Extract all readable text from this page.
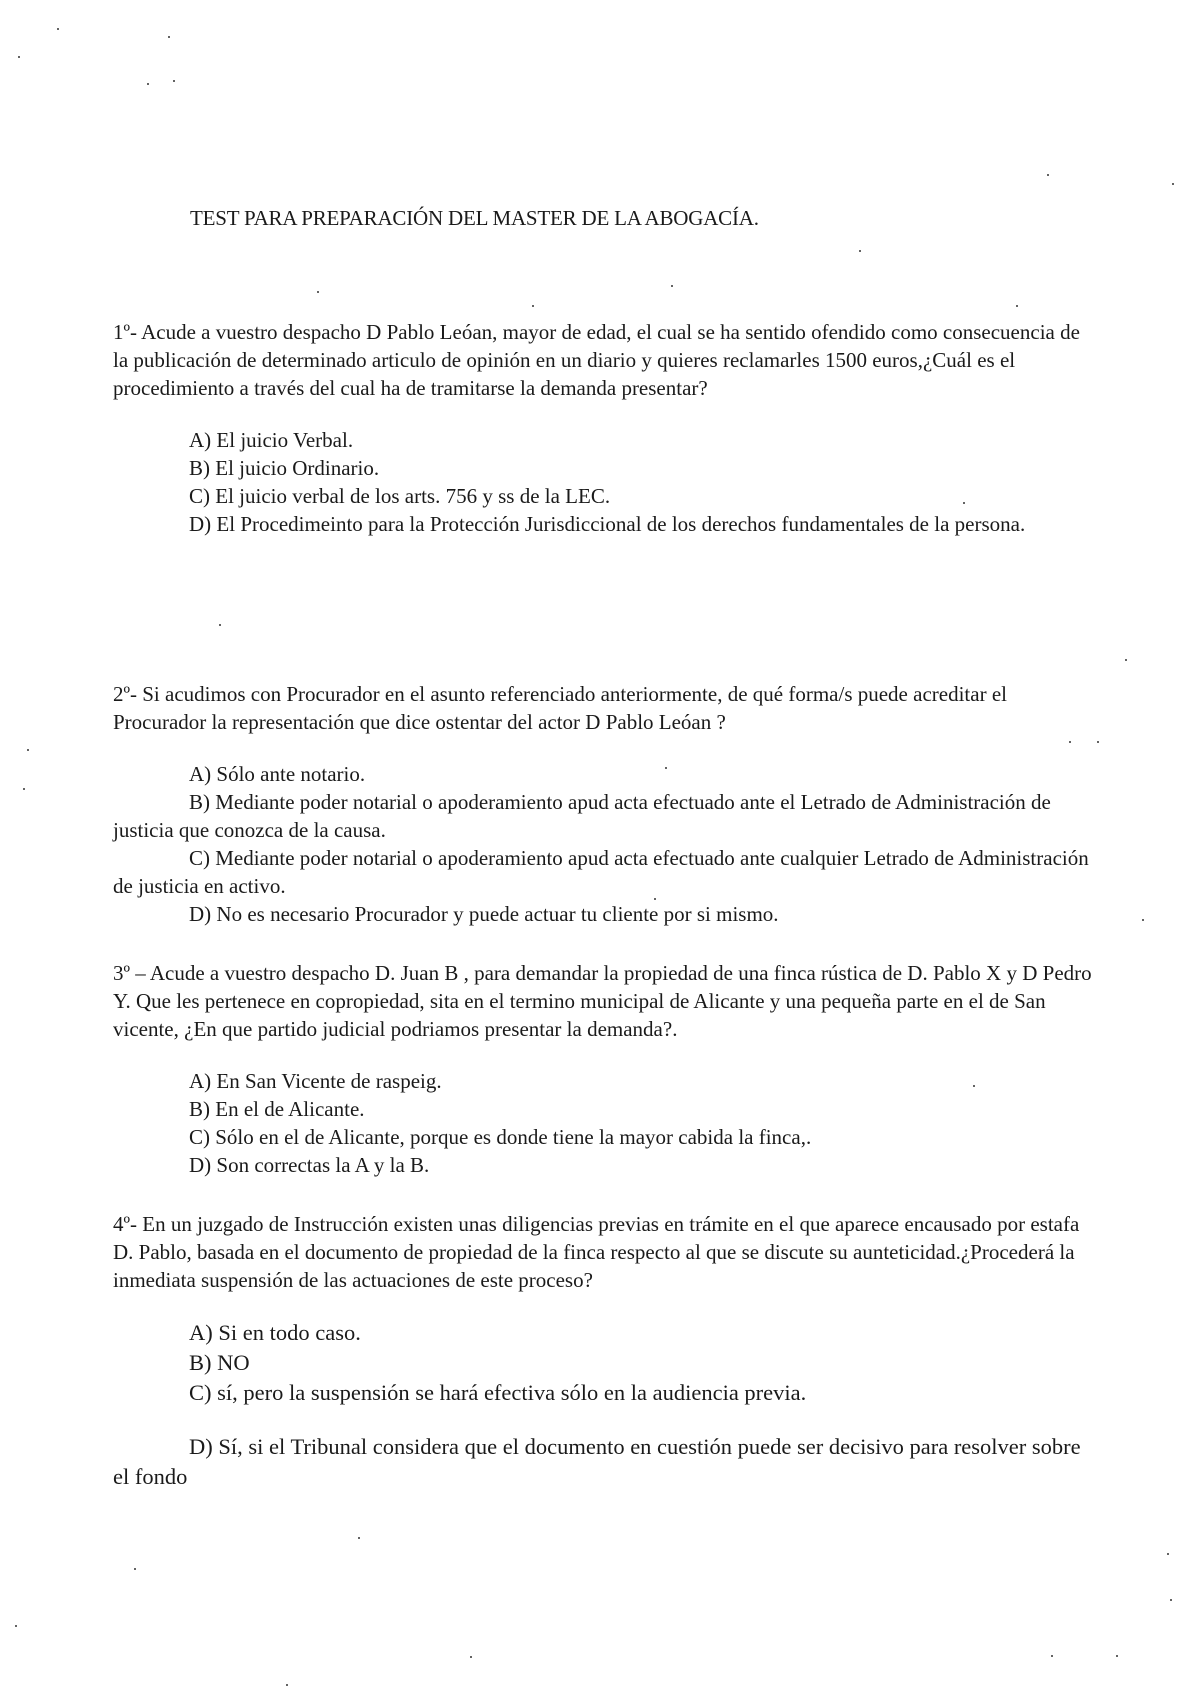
TEST PARA PREPARACIÓN DEL MASTER DE LA ABOGACÍA.

1º- Acude a vuestro despacho D Pablo Leóan, mayor de edad, el cual se ha sentido ofendido como consecuencia de la publicación de determinado articulo de opinión en un diario y quieres reclamarles 1500 euros,¿Cuál es el procedimiento a través del cual ha de tramitarse la demanda presentar?

A) El juicio Verbal.

B) El juicio Ordinario.

C) El juicio verbal de los arts. 756 y ss de la LEC.

D) El Procedimeinto para la Protección Jurisdiccional de los derechos fundamentales de la persona.

2º- Si acudimos con Procurador en el asunto referenciado anteriormente, de qué forma/s puede acreditar el Procurador la representación que dice ostentar del actor D Pablo Leóan ?

A) Sólo ante notario.

B) Mediante poder notarial o apoderamiento apud acta efectuado ante el Letrado de Administración de justicia que conozca de la causa.

C) Mediante poder notarial o apoderamiento apud acta efectuado ante cualquier Letrado de Administración de justicia en activo.

D) No es necesario Procurador y puede actuar tu cliente por si mismo.

3º – Acude a vuestro despacho D. Juan B , para demandar la propiedad de una finca rústica de D. Pablo X y D Pedro Y. Que les pertenece en copropiedad, sita en el termino municipal de Alicante y una pequeña parte en el de San vicente, ¿En que partido judicial podriamos presentar la demanda?.

A) En San Vicente de raspeig.

B) En el de Alicante.

C) Sólo en el de Alicante, porque es donde tiene la mayor cabida la finca,.

D) Son correctas la A y la B.

4º- En un juzgado de Instrucción existen unas diligencias previas en trámite en el que aparece encausado por estafa D. Pablo, basada en el documento de propiedad de la finca respecto al que se discute su aunteticidad.¿Procederá la inmediata suspensión de las actuaciones de este proceso?

A) Si en todo caso.

B) NO

C) sí, pero la suspensión se hará efectiva sólo en la audiencia previa.

D) Sí, si el Tribunal considera que el documento en cuestión puede ser decisivo para resolver sobre el fondo
